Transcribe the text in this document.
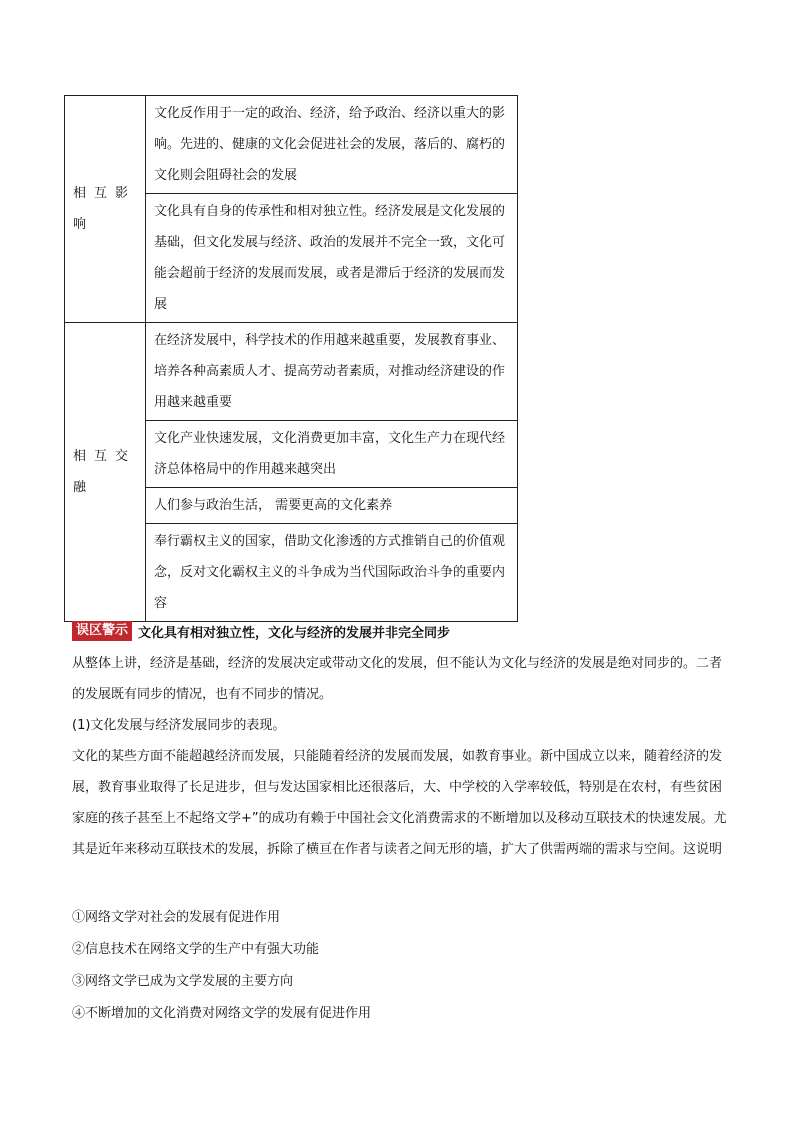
相互影响	文化反作用于一定的政治、经济，给予政治、经济以重大的影响。先进的、健康的文化会促进社会的发展，落后的、腐朽的文化则会阻碍社会的发展
	文化具有自身的传承性和相对独立性。经济发展是文化发展的基础，但文化发展与经济、政治的发展并不完全一致，文化可能会超前于经济的发展而发展，或者是滞后于经济的发展而发展
相互交融	在经济发展中，科学技术的作用越来越重要，发展教育事业、培养各种高素质人才、提高劳动者素质，对推动经济建设的作用越来越重要
	文化产业快速发展，文化消费更加丰富，文化生产力在现代经济总体格局中的作用越来越突出
	人们参与政治生活， 需要更高的文化素养
	奉行霸权主义的国家，借助文化渗透的方式推销自己的价值观念，反对文化霸权主义的斗争成为当代国际政治斗争的重要内容
误区警示 文化具有相对独立性，文化与经济的发展并非完全同步

从整体上讲，经济是基础，经济的发展决定或带动文化的发展，但不能认为文化与经济的发展是绝对同步的。二者的发展既有同步的情况，也有不同步的情况。

(1)文化发展与经济发展同步的表现。

文化的某些方面不能超越经济而发展，只能随着经济的发展而发展，如教育事业。新中国成立以来，随着经济的发展，教育事业取得了长足进步，但与发达国家相比还很落后，大、中学校的入学率较低，特别是在农村，有些贫困家庭的孩子甚至上不起络文学+”的成功有赖于中国社会文化消费需求的不断增加以及移动互联技术的快速发展。尤其是近年来移动互联技术的发展，拆除了横亘在作者与读者之间无形的墙，扩大了供需两端的需求与空间。这说明

①网络文学对社会的发展有促进作用
②信息技术在网络文学的生产中有强大功能
③网络文学已成为文学发展的主要方向
④不断增加的文化消费对网络文学的发展有促进作用
